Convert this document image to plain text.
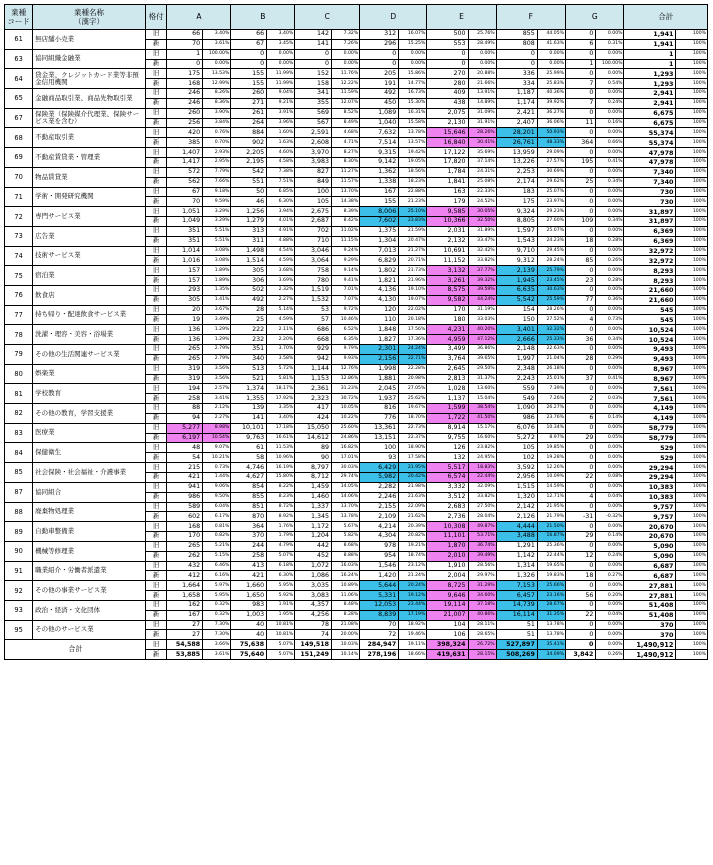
業種
コード	業種名称
（漢字）	格付	A		B		C		D		E		F		G		合計	
61	無店舗小売業	旧	66	3.40%	66	3.40%	142	7.32%	312	16.07%	500	25.76%	855	44.05%	0	0.00%	1,941	100%
		新	70	3.61%	67	3.45%	141	7.26%	296	15.25%	553	28.49%	808	41.63%	6	0.31%	1,941	100%
63	協同組織金融業	旧	1	100.00%	0	0.00%	0	0.00%	0	0.00%	0	0.00%	0	0.00%	0	0.00%	1	100%
		新	0	0.00%	0	0.00%	0	0.00%	0	0.00%	0	0.00%	0	0.00%	1	100.00%	1	100%
64	貸金業、クレジットカード業等非預金信用機関	旧	175	13.53%	155	11.99%	152	11.76%	205	15.86%	270	20.88%	336	25.99%	0	0.00%	1,293	100%
		新	168	12.99%	155	11.99%	158	12.22%	191	14.77%	280	21.66%	334	25.83%	7	0.54%	1,293	100%
65	金融商品取引業、商品先物取引業	旧	246	8.26%	260	9.04%	341	11.59%	492	16.73%	409	13.91%	1,187	40.36%	0	0.00%	2,941	100%
		新	246	8.36%	271	9.21%	355	12.07%	450	15.30%	438	14.89%	1,174	39.92%	7	0.24%	2,941	100%
67	保険業（保険媒介代理業、保険サービス業を含む）	旧	260	3.90%	261	3.91%	569	8.52%	1,089	16.31%	2,075	31.09%	2,421	36.27%	0	0.00%	6,675	100%
		新	256	3.84%	264	3.96%	567	8.49%	1,040	15.58%	2,130	31.91%	2,407	36.06%	11	0.16%	6,675	100%
68	不動産取引業	旧	420	0.76%	884	1.60%	2,591	4.68%	7,632	13.78%	15,646	28.26%	28,201	50.93%	0	0.00%	55,374	100%
		新	385	0.70%	902	1.63%	2,608	4.71%	7,514	13.57%	16,840	30.41%	26,761	48.33%	364	0.66%	55,374	100%
69	不動産賃貸業・管理業	旧	1,407	2.93%	2,205	4.60%	3,970	8.27%	9,315	19.42%	17,122	35.69%	13,959	29.09%	0	0.00%	47,978	100%
		新	1,417	2.95%	2,195	4.58%	3,983	8.30%	9,142	19.05%	17,820	37.14%	13,226	27.57%	195	0.41%	47,978	100%
70	物品賃貸業	旧	572	7.79%	542	7.38%	827	11.27%	1,362	18.56%	1,784	24.31%	2,253	30.69%	0	0.00%	7,340	100%
		新	562	7.66%	551	7.51%	849	11.57%	1,338	18.23%	1,841	25.08%	2,174	29.62%	25	0.34%	7,340	100%
71	学術・開発研究機関	旧	67	9.18%	50	6.85%	100	13.70%	167	22.88%	163	22.33%	183	25.07%	0	0.00%	730	100%
		新	70	9.59%	46	6.30%	105	14.38%	155	21.23%	179	24.52%	175	23.97%	0	0.00%	730	100%
72	専門サービス業	旧	1,051	3.29%	1,256	3.94%	2,675	8.39%	8,006	25.10%	9,585	30.05%	9,324	29.23%	0	0.00%	31,897	100%
		新	1,049	3.29%	1,279	4.01%	2,687	8.42%	7,602	23.83%	10,366	32.50%	8,805	27.60%	109	0.34%	31,897	100%
73	広告業	旧	351	5.51%	313	4.91%	702	11.02%	1,375	21.59%	2,031	31.89%	1,597	25.07%	0	0.00%	6,369	100%
		新	351	5.51%	311	4.88%	710	11.15%	1,304	20.47%	2,132	33.47%	1,543	24.23%	18	0.28%	6,369	100%
74	技術サービス業	旧	1,014	3.08%	1,498	4.54%	3,046	9.24%	7,013	21.27%	10,691	32.42%	9,710	29.45%	0	0.00%	32,972	100%
		新	1,016	3.08%	1,514	4.59%	3,064	9.29%	6,829	20.71%	11,152	33.82%	9,312	28.24%	85	0.26%	32,972	100%
75	宿泊業	旧	157	1.89%	305	3.68%	758	9.14%	1,802	21.73%	3,132	37.77%	2,139	25.79%	0	0.00%	8,293	100%
		新	157	1.89%	306	3.69%	780	9.41%	1,821	21.96%	3,261	39.32%	1,945	23.45%	23	0.28%	8,293	100%
76	飲食店	旧	293	1.35%	502	2.32%	1,519	7.01%	4,136	19.10%	8,575	39.59%	6,635	30.63%	0	0.00%	21,660	100%
		新	305	1.41%	492	2.27%	1,532	7.07%	4,130	19.07%	9,582	44.24%	5,542	25.59%	77	0.36%	21,660	100%
77	持ち帰り・配達飲食サービス業	旧	20	3.67%	28	5.14%	53	9.72%	120	22.02%	170	31.19%	154	28.26%	0	0.00%	545	100%
		新	19	3.49%	25	4.59%	57	10.46%	110	20.18%	180	33.03%	150	27.52%	4	0.73%	545	100%
78	洗濯・理容・美容・浴場業	旧	136	1.29%	222	2.11%	686	6.52%	1,848	17.56%	4,231	40.20%	3,401	32.32%	0	0.00%	10,524	100%
		新	136	1.29%	232	2.20%	668	6.35%	1,827	17.36%	4,959	47.12%	2,666	25.33%	36	0.34%	10,524	100%
79	その他の生活関連サービス業	旧	265	2.79%	351	3.70%	929	9.79%	2,301	24.24%	3,499	36.86%	2,148	22.63%	0	0.00%	9,493	100%
		新	265	2.79%	340	3.58%	942	9.93%	2,156	22.71%	3,764	39.65%	1,997	21.04%	28	0.29%	9,493	100%
80	娯楽業	旧	319	3.56%	513	5.72%	1,144	12.76%	1,998	22.28%	2,645	29.50%	2,348	26.18%	0	0.00%	8,967	100%
		新	319	3.56%	521	5.81%	1,153	12.86%	1,881	20.98%	2,813	31.37%	2,243	25.01%	37	0.41%	8,967	100%
81	学校教育	旧	194	2.57%	1,374	18.17%	2,361	31.23%	2,045	27.05%	1,028	13.60%	559	7.39%	0	0.00%	7,561	100%
		新	258	3.41%	1,355	17.92%	2,323	30.72%	1,937	25.62%	1,137	15.04%	549	7.26%	2	0.03%	7,561	100%
82	その他の教育，学習支援業	旧	88	2.12%	139	3.35%	417	10.05%	816	19.67%	1,599	38.54%	1,090	26.27%	0	0.00%	4,149	100%
		新	94	2.27%	141	3.40%	424	10.22%	776	18.70%	1,722	41.50%	986	23.76%	6	0.14%	4,149	100%
83	医療業	旧	5,277	8.98%	10,101	17.18%	15,050	25.60%	13,361	22.73%	8,914	15.17%	6,076	10.34%	0	0.00%	58,779	100%
		新	6,197	10.54%	9,763	16.61%	14,612	24.86%	13,151	22.37%	9,755	16.60%	5,272	8.97%	29	0.05%	58,779	100%
84	保健衛生	旧	48	9.07%	61	11.53%	89	16.82%	100	18.90%	126	23.82%	105	19.85%	0	0.00%	529	100%
		新	54	10.21%	58	10.96%	90	17.01%	93	17.58%	132	24.95%	102	19.28%	0	0.00%	529	100%
85	社会保険・社会福祉・介護事業	旧	215	0.73%	4,746	16.19%	8,797	30.03%	6,429	21.95%	5,517	18.83%	3,592	12.26%	0	0.00%	29,294	100%
		新	421	1.44%	4,627	15.80%	8,712	29.74%	5,982	20.42%	6,574	22.44%	2,956	10.09%	22	0.08%	29,294	100%
87	協同組合	旧	941	9.06%	854	8.22%	1,459	14.05%	2,282	21.98%	3,332	32.09%	1,515	14.59%	0	0.00%	10,383	100%
		新	986	9.50%	855	8.23%	1,460	14.06%	2,246	21.63%	3,512	33.82%	1,320	12.71%	4	0.04%	10,383	100%
88	廃棄物処理業	旧	589	6.04%	851	8.72%	1,337	13.70%	2,155	22.09%	2,683	27.50%	2,142	21.95%	0	0.00%	9,757	100%
		新	602	6.17%	870	8.92%	1,345	13.78%	2,109	21.62%	2,736	28.04%	2,126	21.79%	-31	-0.32%	9,757	100%
89	自動車整備業	旧	168	0.81%	364	1.76%	1,172	5.67%	4,214	20.39%	10,308	49.87%	4,444	21.50%	0	0.00%	20,670	100%
		新	170	0.82%	370	1.79%	1,204	5.82%	4,304	20.82%	11,101	53.71%	3,488	16.87%	29	0.14%	20,670	100%
90	機械等修理業	旧	265	5.21%	244	4.79%	442	8.68%	978	19.21%	1,870	36.74%	1,291	25.36%	0	0.00%	5,090	100%
		新	262	5.15%	258	5.07%	452	8.88%	954	18.74%	2,010	39.49%	1,142	22.44%	12	0.24%	5,090	100%
91	職業紹介・労働者派遣業	旧	432	6.46%	413	6.18%	1,072	16.03%	1,546	23.12%	1,910	28.56%	1,314	19.65%	0	0.00%	6,687	100%
		新	412	6.16%	421	6.30%	1,086	16.24%	1,420	21.24%	2,004	29.97%	1,326	19.83%	18	0.27%	6,687	100%
92	その他の事業サービス業	旧	1,664	5.97%	1,660	5.95%	3,035	10.89%	5,644	20.24%	8,725	31.29%	7,153	25.66%	0	0.00%	27,881	100%
		新	1,658	5.95%	1,650	5.92%	3,083	11.06%	5,331	19.12%	9,646	34.60%	6,457	23.16%	56	0.20%	27,881	100%
93	政治・経済・文化団体	旧	162	0.32%	983	1.91%	4,357	8.48%	12,053	23.44%	19,114	37.18%	14,739	28.67%	0	0.00%	51,408	100%
		新	167	0.32%	1,003	1.95%	4,256	8.28%	8,839	17.19%	21,007	40.86%	16,114	31.35%	22	0.04%	51,408	100%
95	その他のサービス業	旧	27	7.30%	40	10.81%	78	21.08%	70	18.92%	104	28.11%	51	13.78%	0	0.00%	370	100%
		新	27	7.30%	40	10.81%	74	20.00%	72	19.46%	106	28.65%	51	13.78%	0	0.00%	370	100%
合計		旧	54,588	3.66%	75,638	5.07%	149,518	10.03%	284,947	19.11%	398,324	26.72%	527,897	35.41%	0	0.00%	1,490,912	100%
		新	53,885	3.61%	75,640	5.07%	151,249	10.14%	278,196	18.66%	419,631	28.15%	508,269	34.09%	3,842	0.26%	1,490,912	100%
